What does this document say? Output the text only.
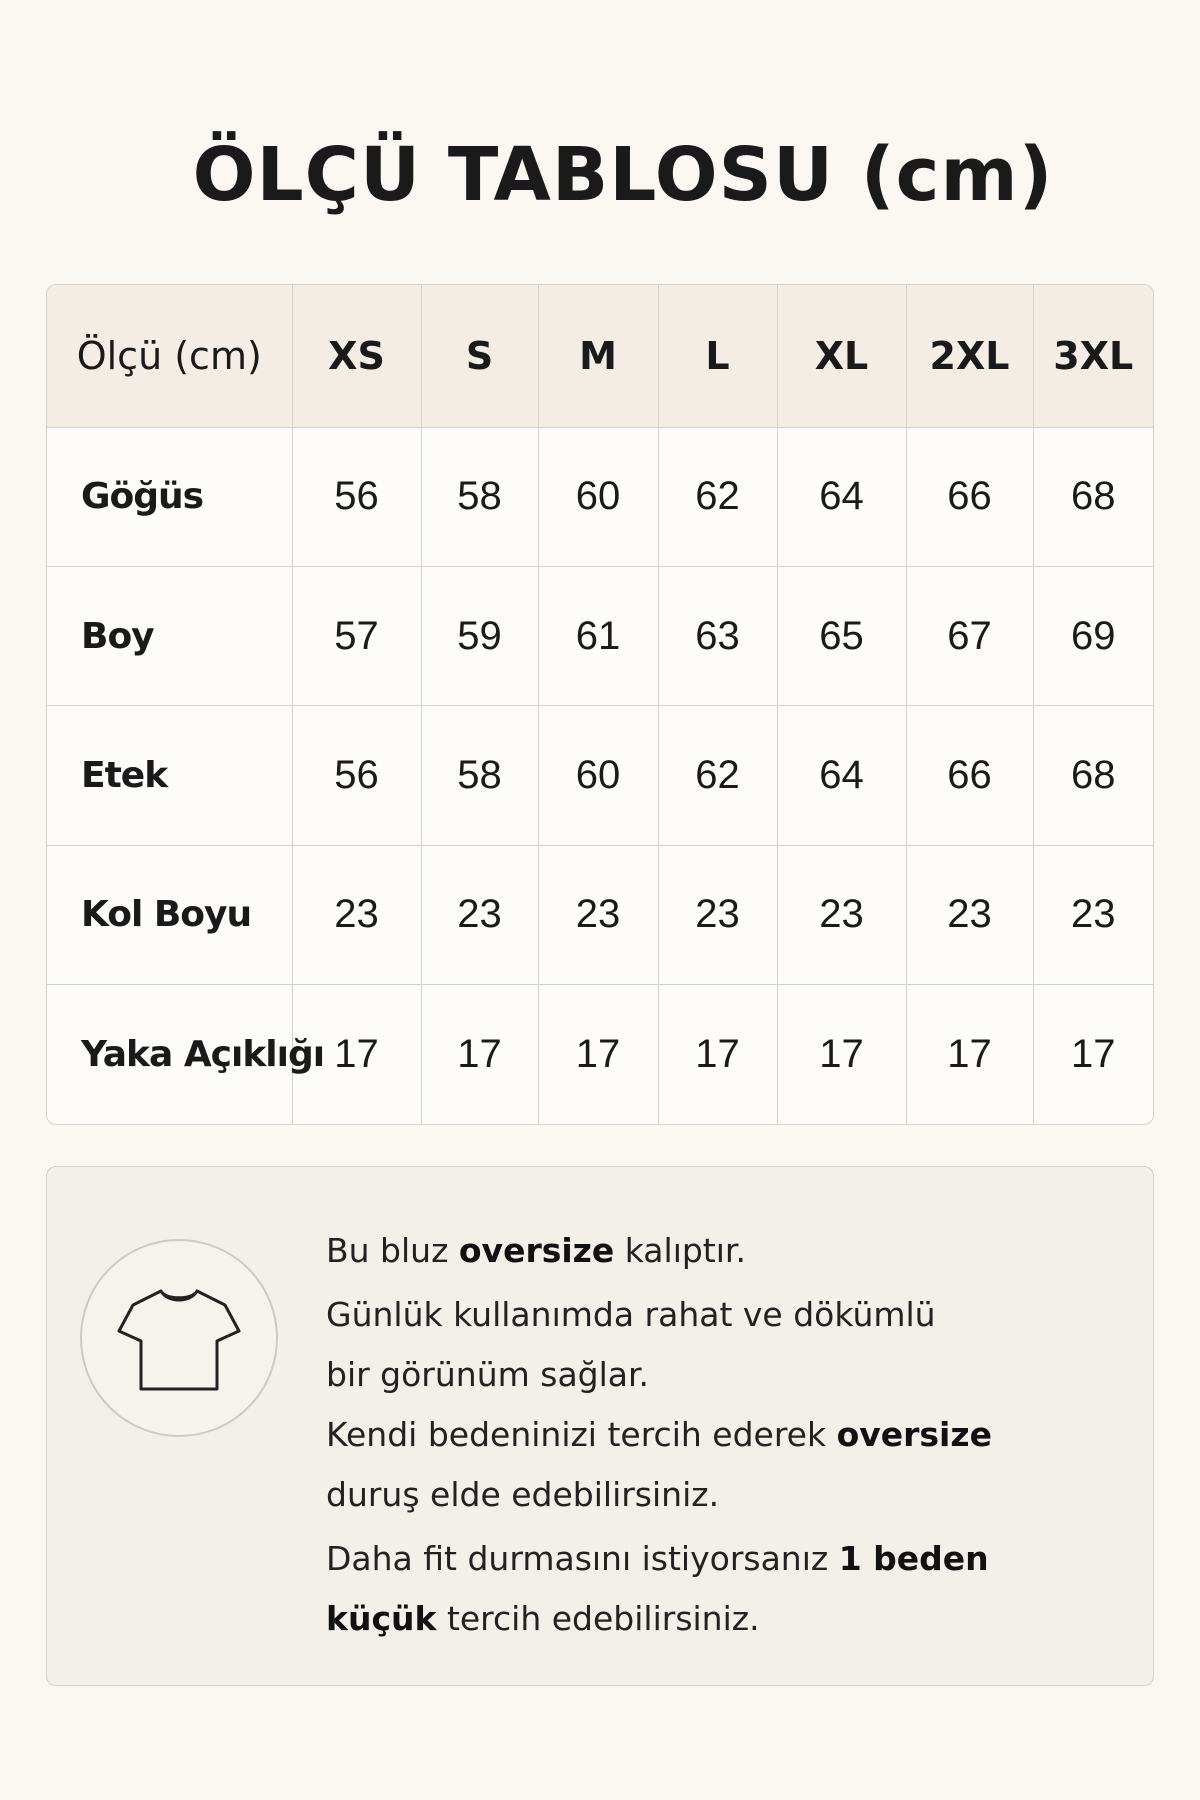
ÖLÇÜ TABLOSU (cm)
Ölçü (cm)	XS	S	M	L	XL	2XL	3XL
Göğüs	56	58	60	62	64	66	68
Boy	57	59	61	63	65	67	69
Etek	56	58	60	62	64	66	68
Kol Boyu	23	23	23	23	23	23	23
Yaka Açıklığı	17	17	17	17	17	17	17

Bu bluz oversize kalıptır.

Günlük kullanımda rahat ve dökümlü

bir görünüm sağlar.

Kendi bedeninizi tercih ederek oversize

duruş elde edebilirsiniz.

Daha fit durmasını istiyorsanız 1 beden

küçük tercih edebilirsiniz.
